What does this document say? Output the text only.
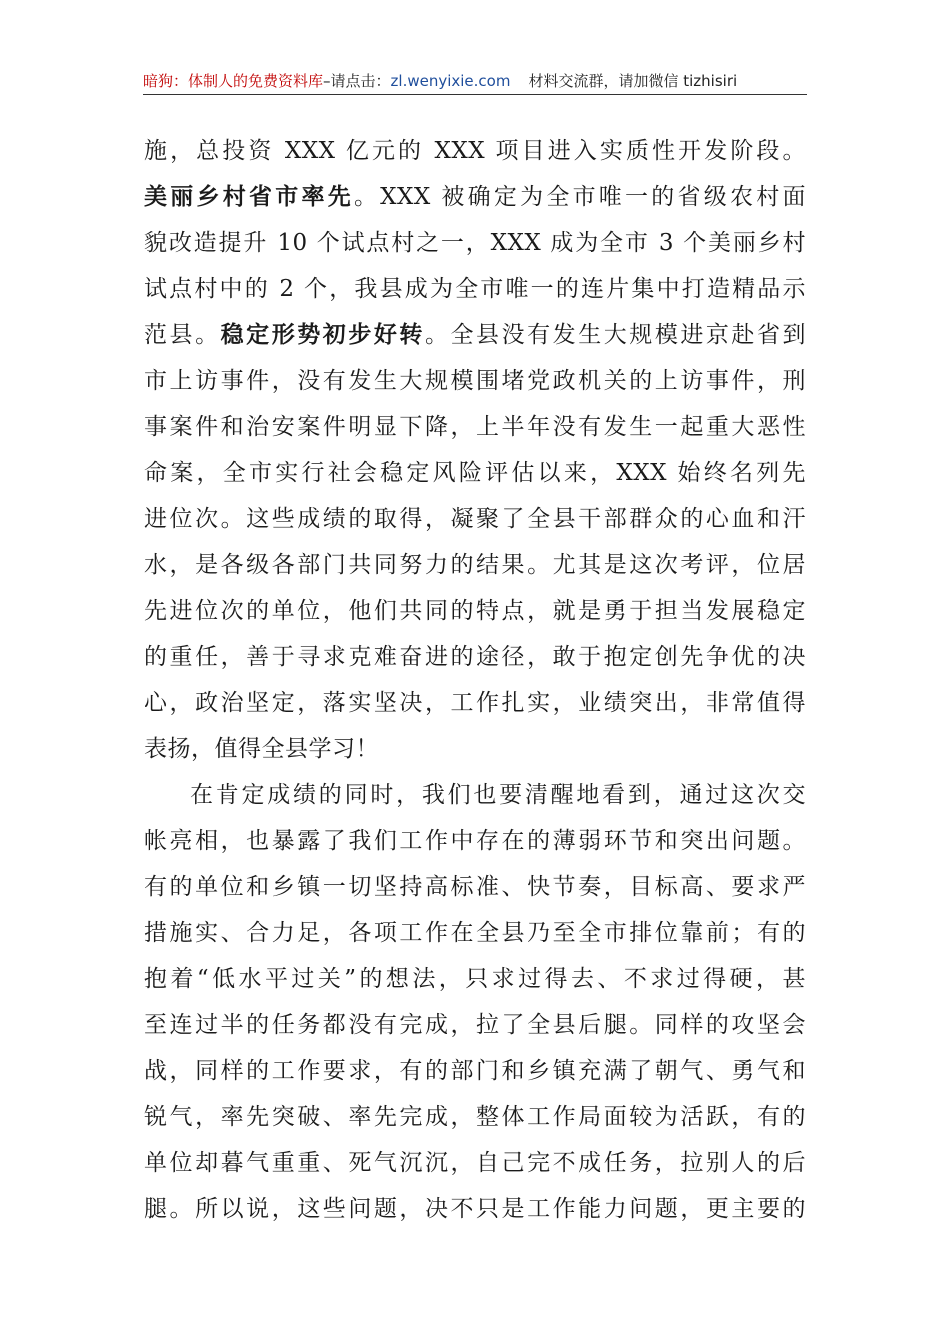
暗狗：体制人的免费资料库–请点击：zl.wenyixie.com 材料交流群，请加微信 tizhisiri
施，总投资 XXX 亿元的 XXX 项目进入实质性开发阶段。
美丽乡村省市率先。XXX 被确定为全市唯一的省级农村面
貌改造提升 10 个试点村之一，XXX 成为全市 3 个美丽乡村
试点村中的 2 个，我县成为全市唯一的连片集中打造精品示
范县。稳定形势初步好转。全县没有发生大规模进京赴省到
市上访事件，没有发生大规模围堵党政机关的上访事件，刑
事案件和治安案件明显下降，上半年没有发生一起重大恶性
命案，全市实行社会稳定风险评估以来，XXX 始终名列先
进位次。这些成绩的取得，凝聚了全县干部群众的心血和汗
水，是各级各部门共同努力的结果。尤其是这次考评，位居
先进位次的单位，他们共同的特点，就是勇于担当发展稳定
的重任，善于寻求克难奋进的途径，敢于抱定创先争优的决
心，政治坚定，落实坚决，工作扎实，业绩突出，非常值得
表扬，值得全县学习！
在肯定成绩的同时，我们也要清醒地看到，通过这次交
帐亮相，也暴露了我们工作中存在的薄弱环节和突出问题。
有的单位和乡镇一切坚持高标准、快节奏，目标高、要求严
措施实、合力足，各项工作在全县乃至全市排位靠前；有的
抱着“低水平过关”的想法，只求过得去、不求过得硬，甚
至连过半的任务都没有完成，拉了全县后腿。同样的攻坚会
战，同样的工作要求，有的部门和乡镇充满了朝气、勇气和
锐气，率先突破、率先完成，整体工作局面较为活跃，有的
单位却暮气重重、死气沉沉，自己完不成任务，拉别人的后
腿。所以说，这些问题，决不只是工作能力问题，更主要的
